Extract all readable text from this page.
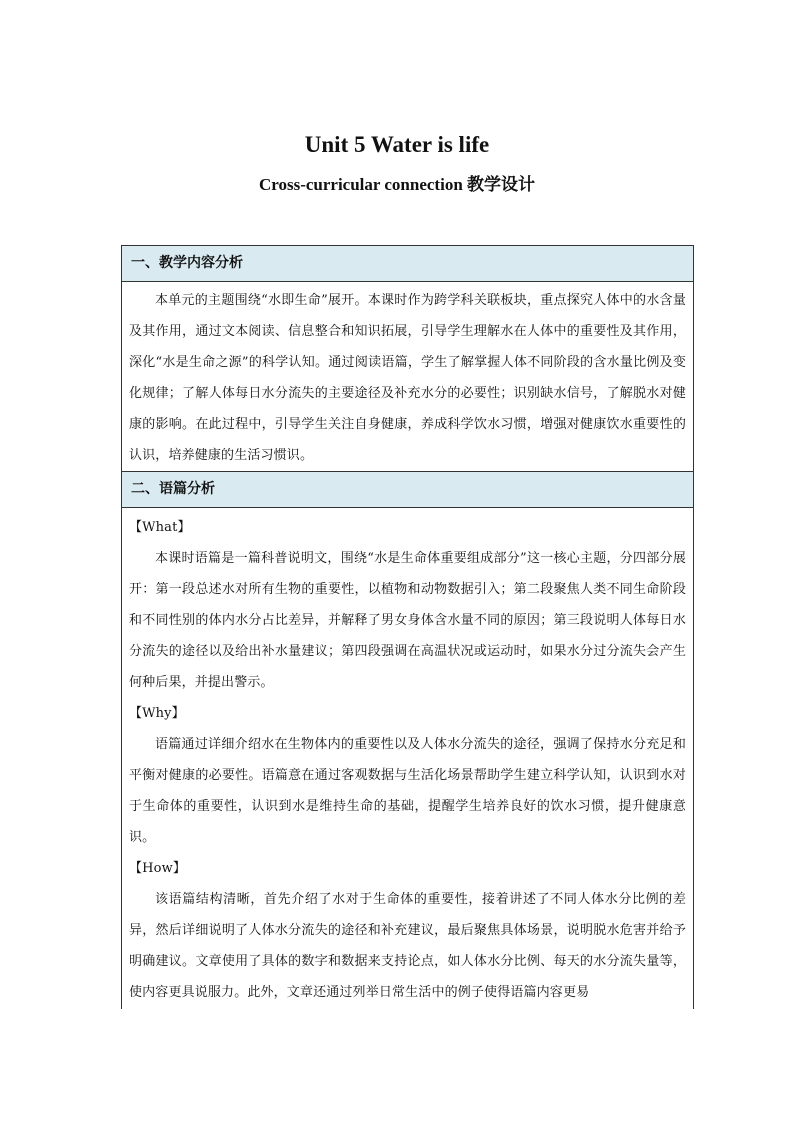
Unit 5 Water is life
Cross-curricular connection 教学设计
一、教学内容分析

本单元的主题围绕“水即生命”展开。本课时作为跨学科关联板块，重点探究人体中的水含量及其作用，通过文本阅读、信息整合和知识拓展，引导学生理解水在人体中的重要性及其作用，深化“水是生命之源”的科学认知。通过阅读语篇，学生了解掌握人体不同阶段的含水量比例及变化规律；了解人体每日水分流失的主要途径及补充水分的必要性；识别缺水信号，了解脱水对健康的影响。在此过程中，引导学生关注自身健康，养成科学饮水习惯，增强对健康饮水重要性的认识，培养健康的生活习惯识。

二、语篇分析

【What】

本课时语篇是一篇科普说明文，围绕“水是生命体重要组成部分”这一核心主题，分四部分展开：第一段总述水对所有生物的重要性，以植物和动物数据引入；第二段聚焦人类不同生命阶段和不同性别的体内水分占比差异，并解释了男女身体含水量不同的原因；第三段说明人体每日水分流失的途径以及给出补水量建议；第四段强调在高温状况或运动时，如果水分过分流失会产生何种后果，并提出警示。

【Why】

语篇通过详细介绍水在生物体内的重要性以及人体水分流失的途径，强调了保持水分充足和平衡对健康的必要性。语篇意在通过客观数据与生活化场景帮助学生建立科学认知，认识到水对于生命体的重要性，认识到水是维持生命的基础，提醒学生培养良好的饮水习惯，提升健康意识。

【How】

该语篇结构清晰，首先介绍了水对于生命体的重要性，接着讲述了不同人体水分比例的差异，然后详细说明了人体水分流失的途径和补充建议，最后聚焦具体场景，说明脱水危害并给予明确建议。文章使用了具体的数字和数据来支持论点，如人体水分比例、每天的水分流失量等，使内容更具说服力。此外，文章还通过列举日常生活中的例子使得语篇内容更易
